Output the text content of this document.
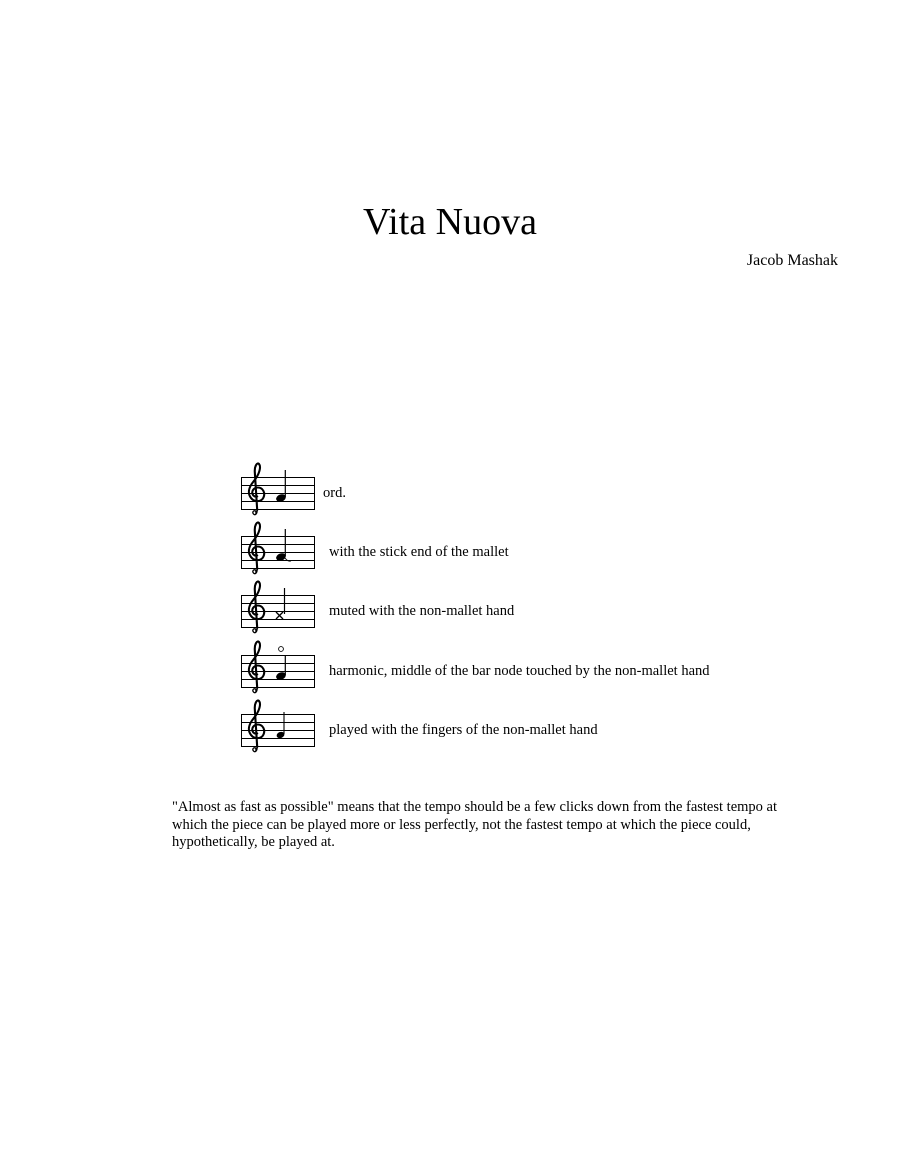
Vita Nuova
Jacob Mashak
ord.
with the stick end of the mallet
muted with the non-mallet hand
harmonic, middle of the bar node touched by the non-mallet hand
played with the fingers of the non-mallet hand
"Almost as fast as possible" means that the tempo should be a few clicks down from the fastest tempo at which the piece can be played more or less perfectly, not the fastest tempo at which the piece could, hypothetically, be played at.
